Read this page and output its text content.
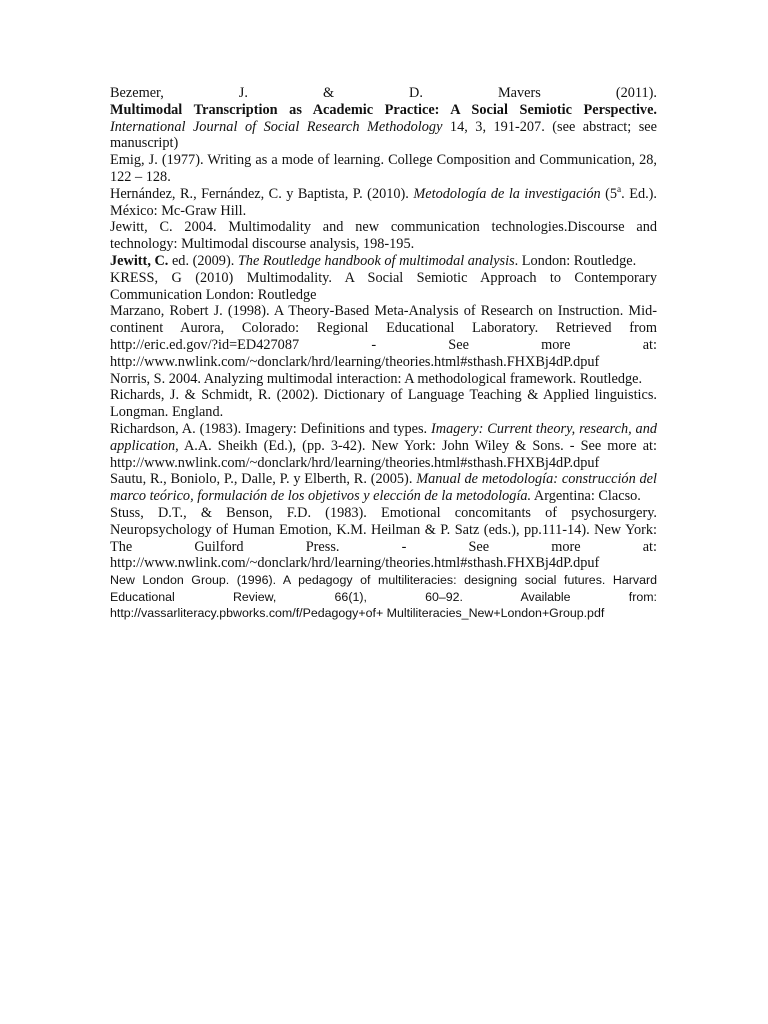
Bezemer, J. & D. Mavers (2011).
Multimodal Transcription as Academic Practice: A Social Semiotic Perspective. International Journal of Social Research Methodology 14, 3, 191-207. (see abstract; see manuscript)

Emig, J. (1977). Writing as a mode of learning. College Composition and Communication, 28, 122 – 128.

Hernández, R., Fernández, C. y Baptista, P. (2010). Metodología de la investigación (5$^a$. Ed.). México: Mc-Graw Hill.

Jewitt, C. 2004. Multimodality and new communication technologies.Discourse and technology: Multimodal discourse analysis, 198-195.

Jewitt, C. ed. (2009). The Routledge handbook of multimodal analysis. London: Routledge.

KRESS, G (2010) Multimodality. A Social Semiotic Approach to Contemporary Communication London: Routledge

Marzano, Robert J. (1998). A Theory-Based Meta-Analysis of Research on Instruction. Mid-continent Aurora, Colorado: Regional Educational Laboratory. Retrieved from http://eric.ed.gov/?id=ED427087 - See more at:

http://www.nwlink.com/~donclark/hrd/learning/theories.html#sthash.FHXBj4dP.dpuf

Norris, S. 2004. Analyzing multimodal interaction: A methodological framework. Routledge.

Richards, J. & Schmidt, R. (2002). Dictionary of Language Teaching & Applied linguistics. Longman. England.

Richardson, A. (1983). Imagery: Definitions and types. Imagery: Current theory, research, and application, A.A. Sheikh (Ed.), (pp. 3-42). New York: John Wiley & Sons. - See more at:

http://www.nwlink.com/~donclark/hrd/learning/theories.html#sthash.FHXBj4dP.dpuf

Sautu, R., Boniolo, P., Dalle, P. y Elberth, R. (2005). Manual de metodología: construcción del marco teórico, formulación de los objetivos y elección de la metodología. Argentina: Clacso.

Stuss, D.T., & Benson, F.D. (1983). Emotional concomitants of psychosurgery. Neuropsychology of Human Emotion, K.M. Heilman & P. Satz (eds.), pp.111-14). New York: The Guilford Press. - See more at:

http://www.nwlink.com/~donclark/hrd/learning/theories.html#sthash.FHXBj4dP.dpuf

New London Group. (1996). A pedagogy of multiliteracies: designing social futures. Harvard Educational Review, 66(1), 60–92. Available from:

http://vassarliteracy.pbworks.com/f/Pedagogy+of+ Multiliteracies_New+London+Group.pdf
